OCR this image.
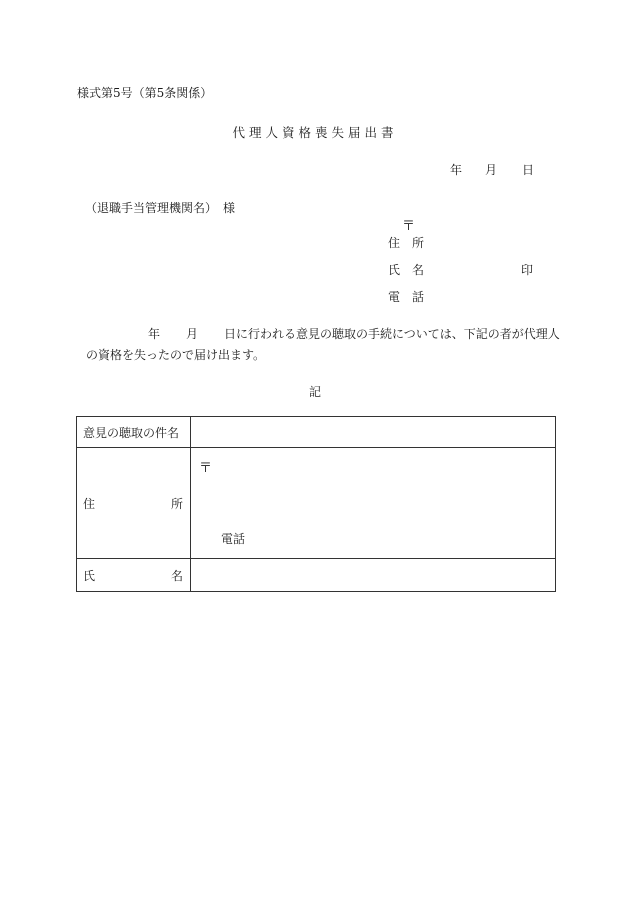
様式第5号（第5条関係）
代理人資格喪失届出書
年 月 日
（退職手当管理機関名）　様
〒
住所
氏名	印
電話
年 月 日に行われる意見の聴取の手続については、下記の者が代理人の資格を失ったので届け出ます。
記
意見の聴取の件名	

住 所	〒
電話

氏 名	
